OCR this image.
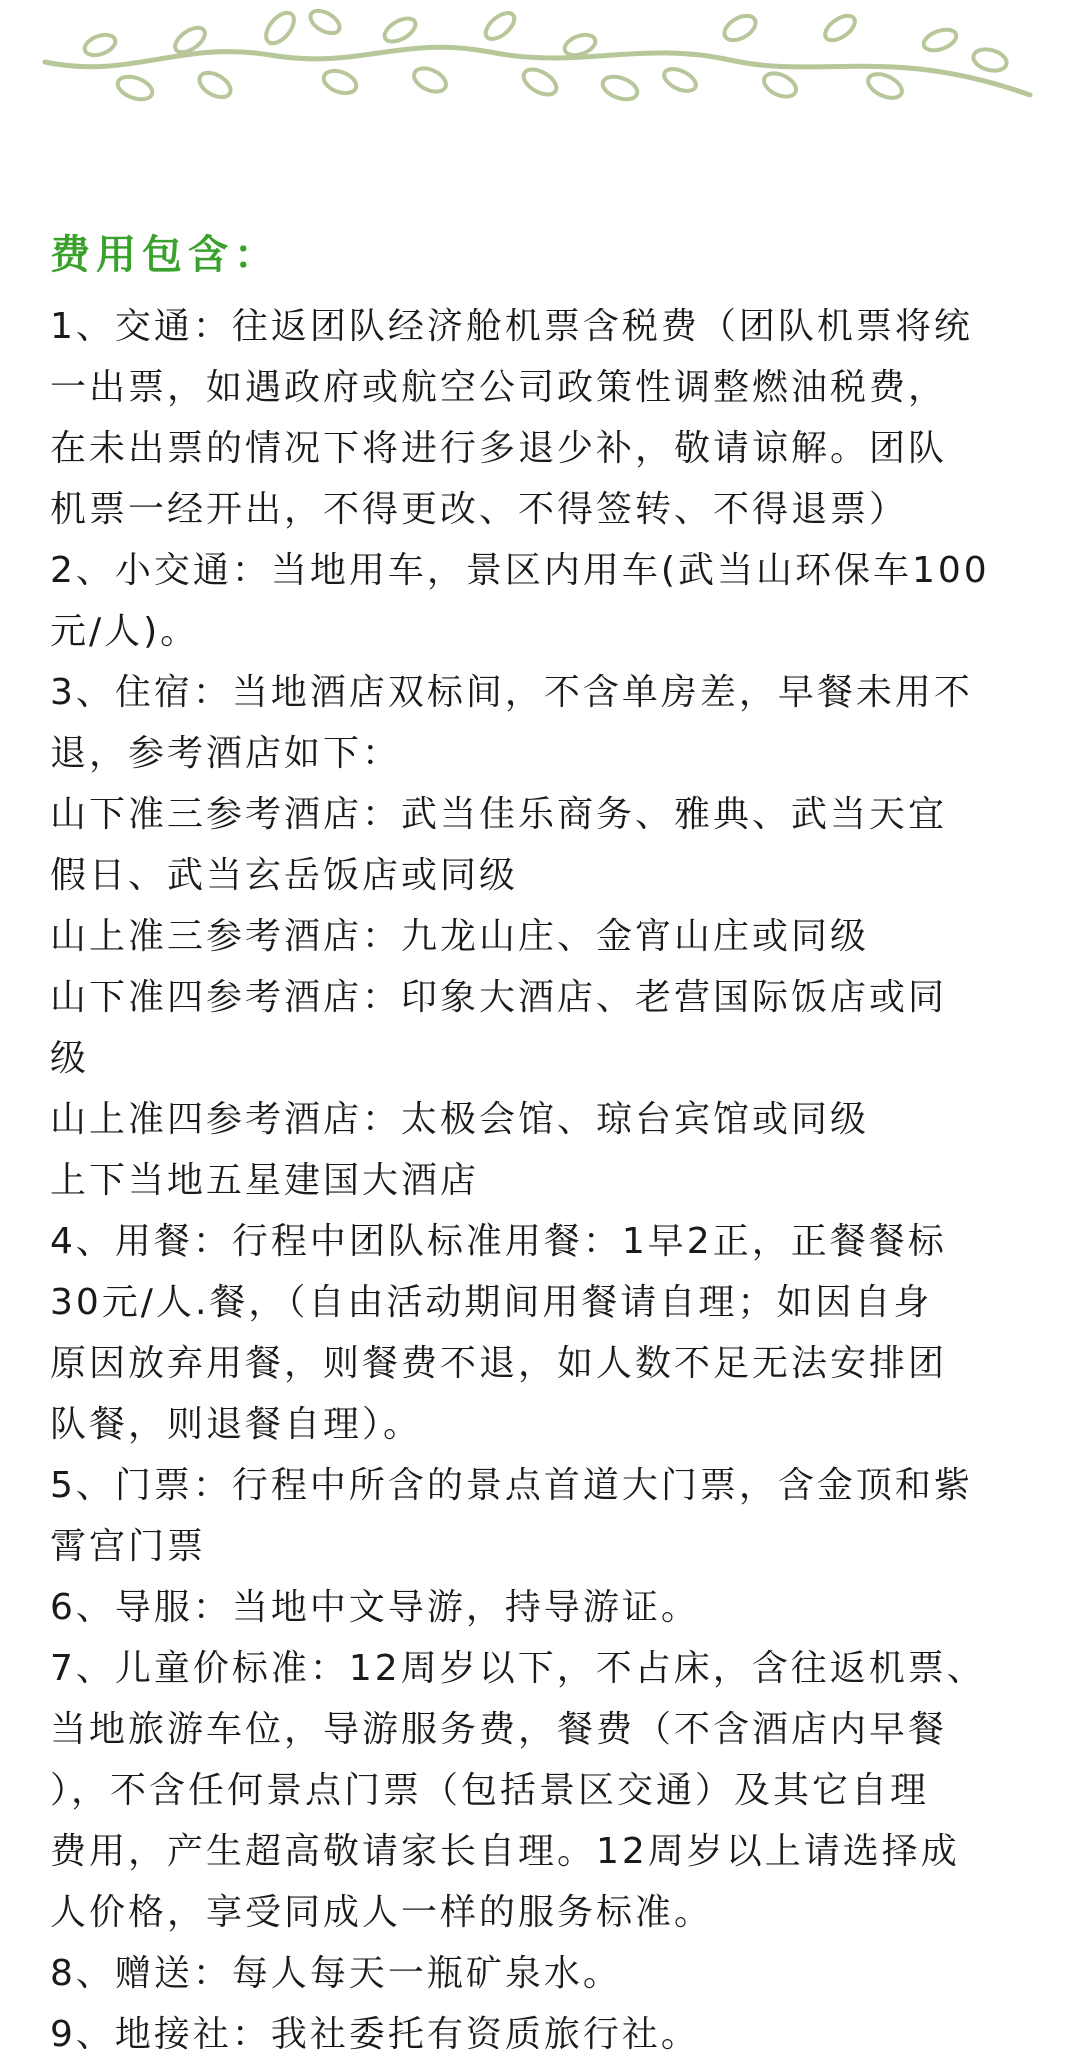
费用包含：
1、交通：往返团队经济舱机票含税费（团队机票将统
一出票，如遇政府或航空公司政策性调整燃油税费，
在未出票的情况下将进行多退少补，敬请谅解。团队
机票一经开出，不得更改、不得签转、不得退票）
2、小交通：当地用车，景区内用车(武当山环保车100
元/人)。
3、住宿：当地酒店双标间，不含单房差，早餐未用不
退，参考酒店如下：
山下准三参考酒店：武当佳乐商务、雅典、武当天宜
假日、武当玄岳饭店或同级
山上准三参考酒店：九龙山庄、金宵山庄或同级
山下准四参考酒店：印象大酒店、老营国际饭店或同
级
山上准四参考酒店：太极会馆、琼台宾馆或同级
上下当地五星建国大酒店
4、用餐：行程中团队标准用餐：1早2正，正餐餐标
30元/人.餐，（自由活动期间用餐请自理；如因自身
原因放弃用餐，则餐费不退，如人数不足无法安排团
队餐，则退餐自理）。
5、门票：行程中所含的景点首道大门票，含金顶和紫
霄宫门票
6、导服：当地中文导游，持导游证。
7、儿童价标准：12周岁以下，不占床，含往返机票、
当地旅游车位，导游服务费，餐费（不含酒店内早餐
），不含任何景点门票（包括景区交通）及其它自理
费用，产生超高敬请家长自理。12周岁以上请选择成
人价格，享受同成人一样的服务标准。
8、赠送：每人每天一瓶矿泉水。
9、地接社：我社委托有资质旅行社。
